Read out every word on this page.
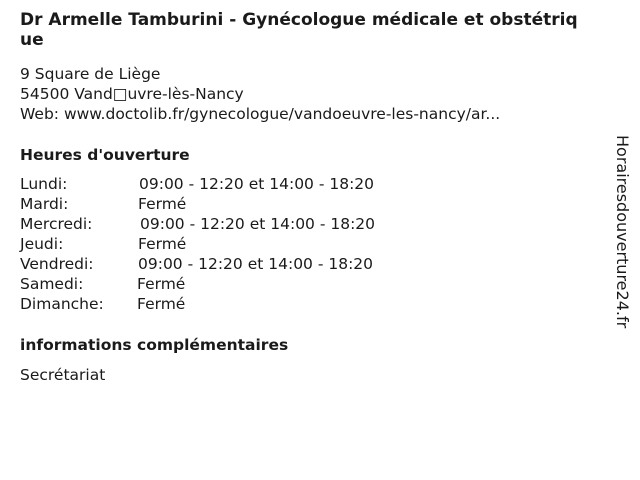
Dr Armelle Tamburini - Gynécologue médicale et obstétrique
9 Square de Liège
54500 Vand□uvre-lès-Nancy
Web: www.doctolib.fr/gynecologue/vandoeuvre-les-nancy/ar...
Heures d'ouverture
Lundi:	09:00 - 12:20 et 14:00 - 18:20
Mardi:	Fermé
Mercredi:	09:00 - 12:20 et 14:00 - 18:20
Jeudi:	Fermé
Vendredi:	09:00 - 12:20 et 14:00 - 18:20
Samedi:	Fermé
Dimanche: Fermé
informations complémentaires
Secrétariat
Horairesdouverture24.fr
